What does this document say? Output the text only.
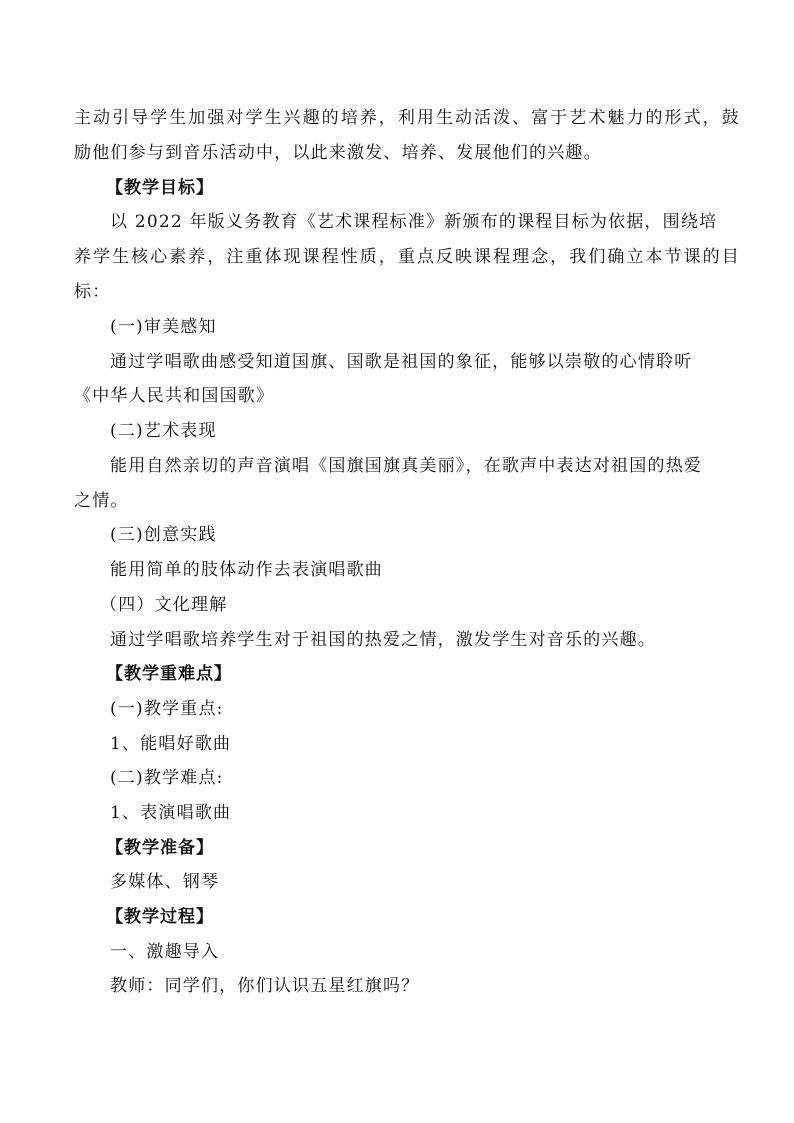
主动引导学生加强对学生兴趣的培养，利用生动活泼、富于艺术魅力的形式，鼓
励他们参与到音乐活动中，以此来激发、培养、发展他们的兴趣。
【教学目标】
以 2022 年版义务教育《艺术课程标准》新颁布的课程目标为依据，围绕培
养学生核心素养，注重体现课程性质，重点反映课程理念，我们确立本节课的目
标：
(一)审美感知
通过学唱歌曲感受知道国旗、国歌是祖国的象征，能够以崇敬的心情聆听
《中华人民共和国国歌》
(二)艺术表现
能用自然亲切的声音演唱《国旗国旗真美丽》，在歌声中表达对祖国的热爱
之情。
(三)创意实践
能用简单的肢体动作去表演唱歌曲
（四）文化理解
通过学唱歌培养学生对于祖国的热爱之情，激发学生对音乐的兴趣。
【教学重难点】
(一)教学重点:
1、能唱好歌曲
(二)教学难点:
1、表演唱歌曲
【教学准备】
多媒体、钢琴
【教学过程】
一、激趣导入
教师：同学们，你们认识五星红旗吗？
